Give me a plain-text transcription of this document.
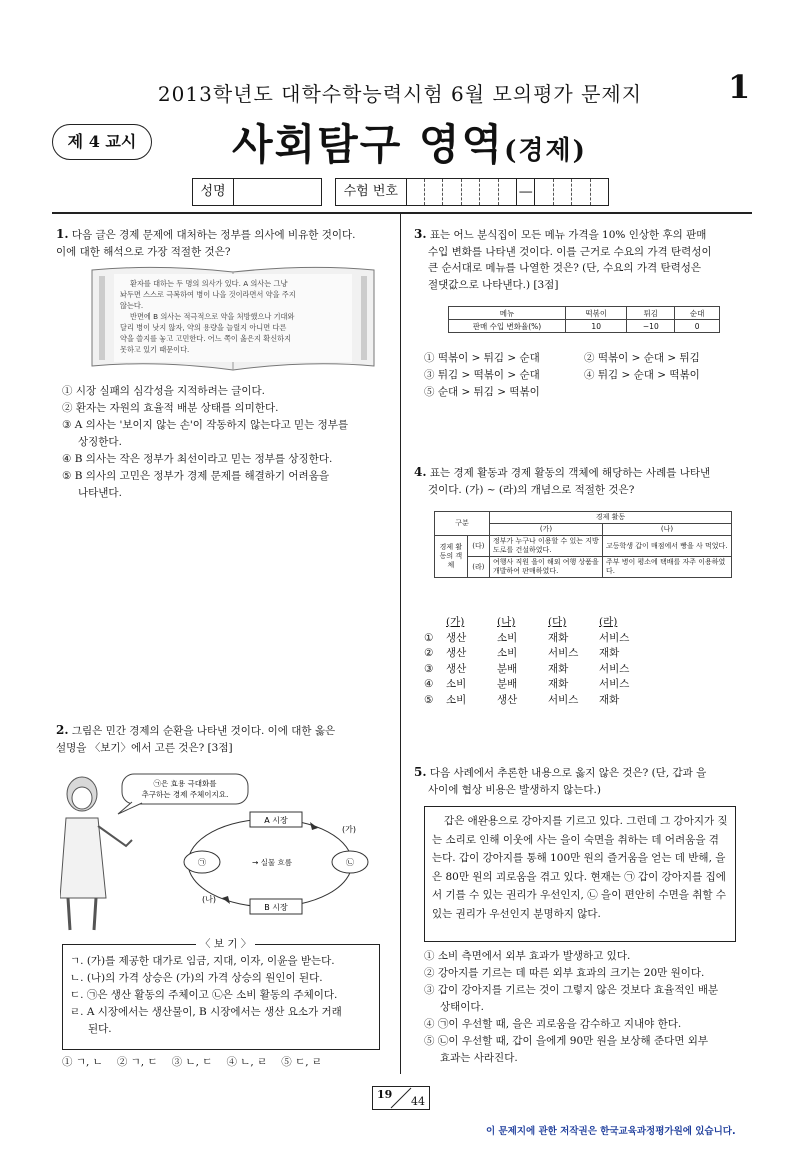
2013학년도 대학수학능력시험 6월 모의평가 문제지	1
제 4 교시	사회탐구 영역(경제)
성명	수험 번호	—
1. 다음 글은 경제 문제에 대처하는 정부를 의사에 비유한 것이다.
이에 대한 해석으로 가장 적절한 것은?
환자를 대하는 두 명의 의사가 있다. A 의사는 그냥
놔두면 스스로 극복하여 병이 나을 것이라면서 약을 주지
않는다.
반면에 B 의사는 적극적으로 약을 처방했으나 기대와
달리 병이 낫지 않자, 약의 용량을 늘릴지 아니면 다른
약을 쓸지를 놓고 고민한다. 어느 쪽이 옳은지 확신하지
못하고 있기 때문이다.
① 시장 실패의 심각성을 지적하려는 글이다.
② 환자는 자원의 효율적 배분 상태를 의미한다.
③ A 의사는 '보이지 않는 손'이 작동하지 않는다고 믿는 정부를
상징한다.
④ B 의사는 작은 정부가 최선이라고 믿는 정부를 상징한다.
⑤ B 의사의 고민은 정부가 경제 문제를 해결하기 어려움을
나타낸다.
2. 그림은 민간 경제의 순환을 나타낸 것이다. 이에 대한 옳은
설명을 〈보기〉에서 고른 것은? [3점]
㉠은 효용 극대화를
추구하는 경제 주체이지요.
A 시장
B 시장
㉠	㉡
(가)
(나)
→ 실물 흐름
〈 보 기 〉
ㄱ. (가)를 제공한 대가로 임금, 지대, 이자, 이윤을 받는다.
ㄴ. (나)의 가격 상승은 (가)의 가격 상승의 원인이 된다.
ㄷ. ㉠은 생산 활동의 주체이고 ㉡은 소비 활동의 주체이다.
ㄹ. A 시장에서는 생산물이, B 시장에서는 생산 요소가 거래
된다.
① ㄱ, ㄴ ② ㄱ, ㄷ ③ ㄴ, ㄷ ④ ㄴ, ㄹ ⑤ ㄷ, ㄹ
3. 표는 어느 분식집이 모든 메뉴 가격을 10% 인상한 후의 판매
수입 변화를 나타낸 것이다. 이를 근거로 수요의 가격 탄력성이
큰 순서대로 메뉴를 나열한 것은? (단, 수요의 가격 탄력성은
절댓값으로 나타낸다.) [3점]
메뉴	떡볶이	튀김	순대
판매 수입 변화율(%)	10	−10	0
① 떡볶이 > 튀김 > 순대	② 떡볶이 > 순대 > 튀김
③ 튀김 > 떡볶이 > 순대	④ 튀김 > 순대 > 떡볶이
⑤ 순대 > 튀김 > 떡볶이
4. 표는 경제 활동과 경제 활동의 객체에 해당하는 사례를 나타낸
것이다. (가) ~ (라)의 개념으로 적절한 것은?
구분		경제 활동	
		(가)	(나)
경제 활동의 객체	(다)	정부가 누구나 이용할 수 있는 지방 도로를 건설하였다.	고등학생 갑이 매점에서 빵을 사 먹었다.
	(라)	여행사 직원 을이 해외 여행 상품을 개발하여 판매하였다.	주부 병이 평소에 택배를 자주 이용하였다.
(가)	(나)	(다)	(라)
①	생산	소비	재화	서비스
②	생산	소비	서비스	재화
③	생산	분배	재화	서비스
④	소비	분배	재화	서비스
⑤	소비	생산	서비스	재화
5. 다음 사례에서 추론한 내용으로 옳지 않은 것은? (단, 갑과 을
사이에 협상 비용은 발생하지 않는다.)
갑은 애완용으로 강아지를 기르고 있다. 그런데 그 강아지가 짖는 소리로 인해 이웃에 사는 을이 숙면을 취하는 데 어려움을 겪는다. 갑이 강아지를 통해 100만 원의 즐거움을 얻는 데 반해, 을은 80만 원의 괴로움을 겪고 있다. 현재는 ㉠ 갑이 강아지를 집에서 기를 수 있는 권리가 우선인지, ㉡ 을이 편안히 수면을 취할 수 있는 권리가 우선인지 분명하지 않다.
① 소비 측면에서 외부 효과가 발생하고 있다.
② 강아지를 기르는 데 따른 외부 효과의 크기는 20만 원이다.
③ 갑이 강아지를 기르는 것이 그렇지 않은 것보다 효율적인 배분
상태이다.
④ ㉠이 우선할 때, 을은 괴로움을 감수하고 지내야 한다.
⑤ ㉡이 우선할 때, 갑이 을에게 90만 원을 보상해 준다면 외부
효과는 사라진다.
19
44
이 문제지에 관한 저작권은 한국교육과정평가원에 있습니다.
